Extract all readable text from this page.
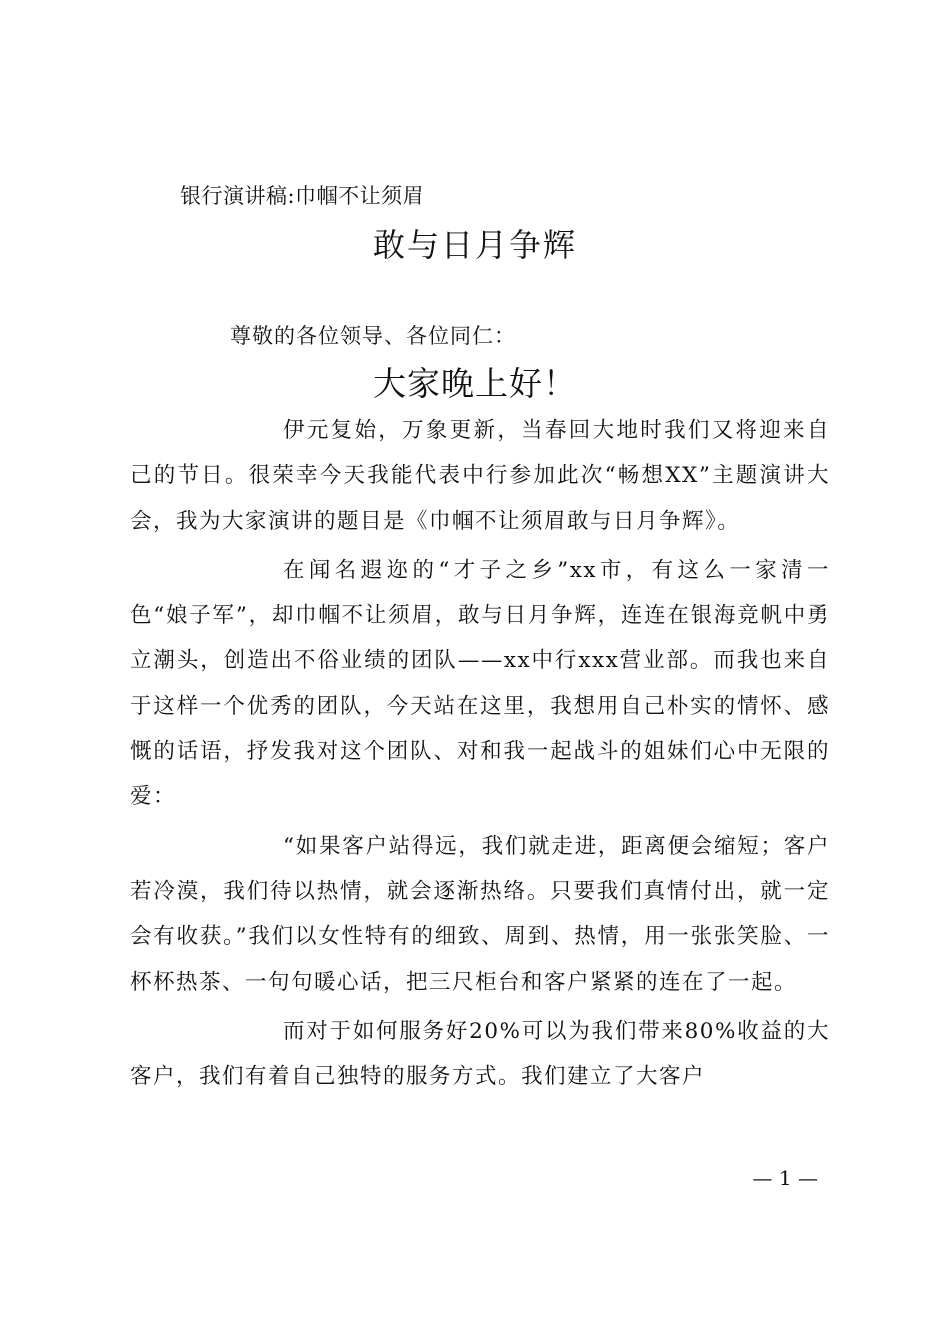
银行演讲稿:巾帼不让须眉
敢与日月争辉
尊敬的各位领导、各位同仁：
大家晚上好！

伊元复始，万象更新，当春回大地时我们又将迎来自己的节日。很荣幸今天我能代表中行参加此次“畅想XX”主题演讲大会，我为大家演讲的题目是《巾帼不让须眉敢与日月争辉》。

在闻名遐迩的“才子之乡”xx市，有这么一家清一色“娘子军”，却巾帼不让须眉，敢与日月争辉，连连在银海竞帆中勇立潮头，创造出不俗业绩的团队——xx中行xxx营业部。而我也来自于这样一个优秀的团队，今天站在这里，我想用自己朴实的情怀、感慨的话语，抒发我对这个团队、对和我一起战斗的姐妹们心中无限的爱：

“如果客户站得远，我们就走进，距离便会缩短；客户若冷漠，我们待以热情，就会逐渐热络。只要我们真情付出，就一定会有收获。”我们以女性特有的细致、周到、热情，用一张张笑脸、一杯杯热茶、一句句暖心话，把三尺柜台和客户紧紧的连在了一起。

而对于如何服务好20%可以为我们带来80%收益的大客户，我们有着自己独特的服务方式。我们建立了大客户

— 1 —
